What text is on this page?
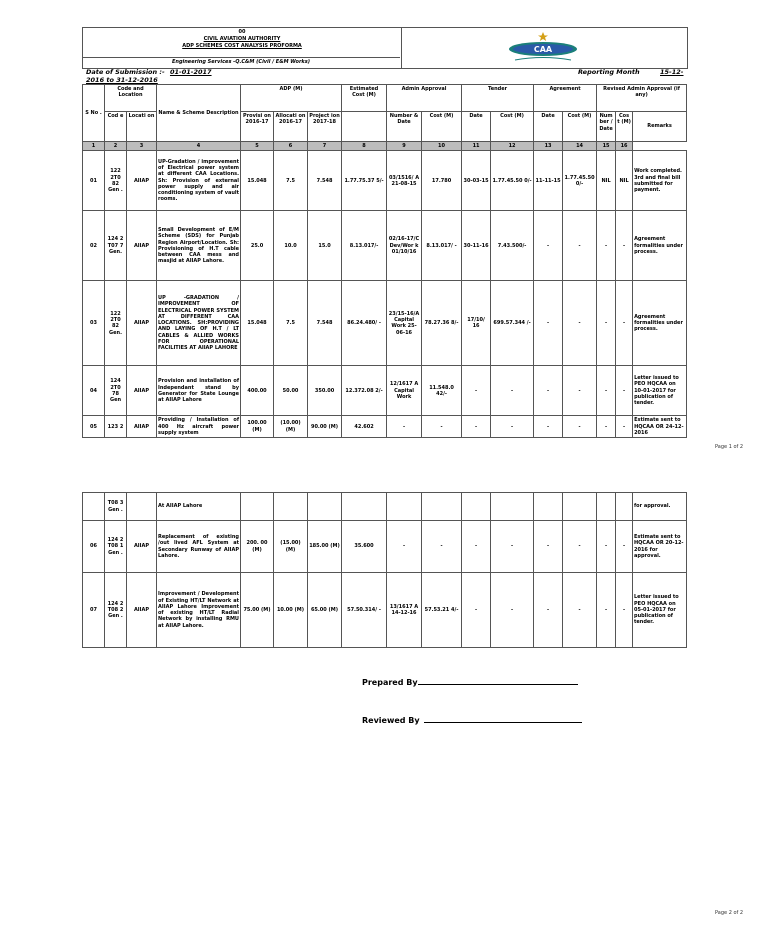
00
CIVIL AVIATION AUTHORITY
ADP SCHEMES COST ANALYSIS PROFORMA	CAA
Engineering Services -Q.C&M (Civil / E&M Works)
Date of Submission :- 01-01-2017
2016 to 31-12-2016
Reporting Month	15-12-
S No .	Code and Location		Name & Scheme Description	ADP (M)			Estimated Cost (M)	Admin Approval		Tender		Agreement		Revised Admin Approval (if any)		
	Cod e	Locati on		Provisi on 2016-17	Allocati on 2016-17	Project ion 2017-18		Number & Date	Cost (M)	Date	Cost (M)	Date	Cost (M)	Num ber / Date	Cos t (M)	Remarks
1	2	3	4	5	6	7	8	9	10	11	12	13	14	15	16	
01	122 2T0 82 Gen .	AIIAP	UP-Gradation / improvement of Electrical power system at different CAA Locations. Sh: Provision of external power supply and air conditioning system of vault rooms.	15.048	7.5	7.548	1.77.75.37 5/-	03/1516/ A 21-08-15	17.780	30-03-15	1.77.45.50 0/-	11-11-15	1.77.45.50 0/-	NIL	NIL	Work completed. 3rd and final bill submitted for payment.
02	124 2 T07 7 Gen.	AIIAP	Small Development of E/M Scheme (SDS) for Punjab Region Airport/Location. Sh: Provisioning of H.T cable between CAA mess and masjid at AIIAP Lahore.	25.0	10.0	15.0	8.13.017/-	02/16-17/C Dev/Wor k 01/10/16	8.13.017/ -	30-11-16	7.43.500/-	-	-	-	-	Agreement formalities under process.
03	122 2T0 82 Gen.	AIIAP	UP -GRADATION / IMPROVEMENT OF ELECTRICAL POWER SYSTEM AT DIFFERENT CAA LOCATIONS. SH:PROVIDING AND LAYING OF H.T / LT CABLES & ALLIED WORKS FOR OPERATIONAL FACILITIES AT AIIAP LAHORE	15.048	7.5	7.548	86.24.480/ -	23/15-16/A Capital Work 25-06-16	78.27.36 8/-	17/10/ 16	699.57.344 /-	-	-	-	-	Agreement formalities under process.
04	124 2T0 78 Gen	AIIAP	Provision and installation of Independant stand by Generator for State Lounge at AIIAP Lahore	400.00	50.00	350.00	12.372.08 2/-	12/1617 A Capital Work	11.548.0 42/-	-	-	-	-	-	-	Letter issued to PEO HQCAA on 10-01-2017 for publication of tender.
05	123 2	AIIAP	Providing / Installation of 400 Hz aircraft power supply system	100.00 (M)	(10.00) (M)	90.00 (M)	42.602	-	-	-	-	-	-	-	-	Estimate sent to HQCAA OR 24-12-2016
Page 1 of 2
	T08 3 Gen .		At AIIAP Lahore													for approval.
06	124 2 T08 1 Gen .	AIIAP	Replacement of existing /out lived AFL System at Secondary Runway of AIIAP Lahore.	200. 00 (M)	(15.00) (M)	185.00 (M)	35.600	-	-	-	-	-	-	-	-	Estimate sent to HQCAA OR 20-12-2016 for approval.
07	124 2 T08 2 Gen .	AIIAP	Improvement / Development of Existing HT/LT Network at AIIAP Lahore Improvement of existing HT/LT Radial Network by installing RMU at AIIAP Lahore.	75.00 (M)	10.00 (M)	65.00 (M)	57.50.314/ -	13/1617 A 14-12-16	57.53.21 4/-	-	-	-	-	-	-	Letter issued to PEO HQCAA on 05-01-2017 for publication of tender.
Prepared By
Reviewed By
Page 2 of 2
